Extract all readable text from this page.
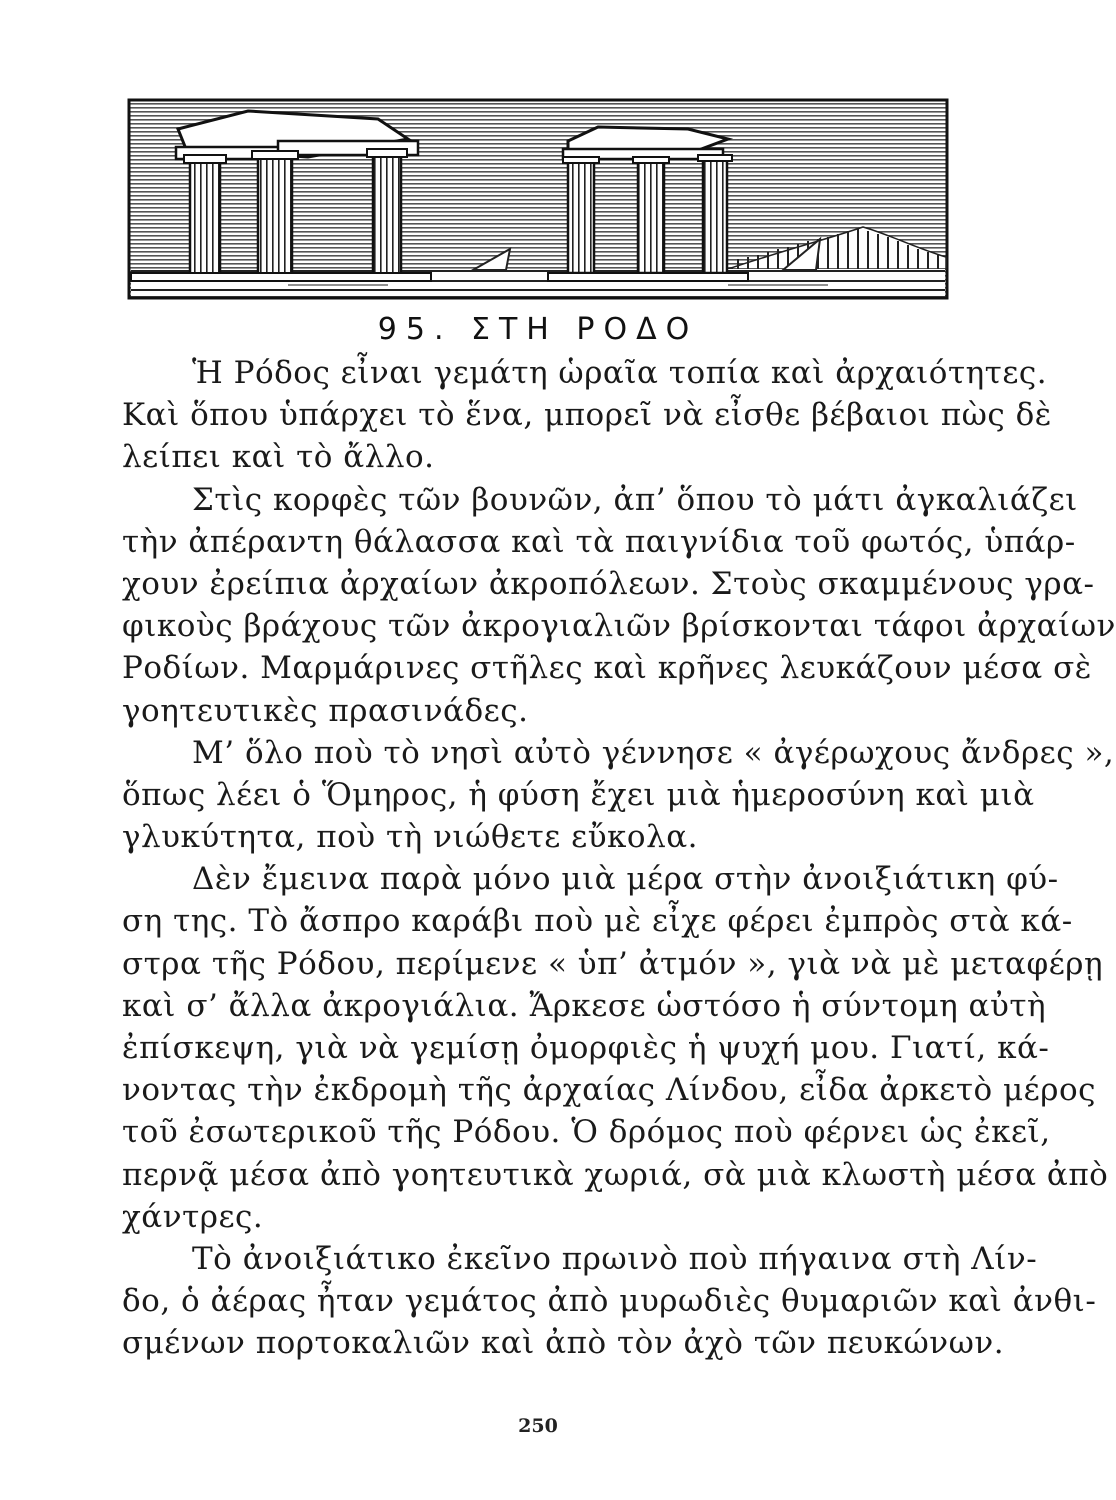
95. ΣΤΗ ΡΟΔΟ
Ἡ Ρόδος εἶναι γεμάτη ὡραῖα τοπία καὶ ἀρχαιότητες.
Καὶ ὅπου ὑπάρχει τὸ ἕνα, μπορεῖ νὰ εἶσθε βέβαιοι πὼς δὲ
λείπει καὶ τὸ ἄλλο.
Στὶς κορφὲς τῶν βουνῶν, ἀπ’ ὅπου τὸ μάτι ἀγκαλιάζει
τὴν ἀπέραντη θάλασσα καὶ τὰ παιγνίδια τοῦ φωτός, ὑπάρ-
χουν ἐρείπια ἀρχαίων ἀκροπόλεων. Στοὺς σκαμμένους γρα-
φικοὺς βράχους τῶν ἀκρογιαλιῶν βρίσκονται τάφοι ἀρχαίων
Ροδίων. Μαρμάρινες στῆλες καὶ κρῆνες λευκάζουν μέσα σὲ
γοητευτικὲς πρασινάδες.
Μ’ ὅλο ποὺ τὸ νησὶ αὐτὸ γέννησε « ἀγέρωχους ἄνδρες »,
ὅπως λέει ὁ Ὅμηρος, ἡ φύση ἔχει μιὰ ἡμεροσύνη καὶ μιὰ
γλυκύτητα, ποὺ τὴ νιώθετε εὔκολα.
Δὲν ἔμεινα παρὰ μόνο μιὰ μέρα στὴν ἀνοιξιάτικη φύ-
ση της. Τὸ ἄσπρο καράβι ποὺ μὲ εἶχε φέρει ἐμπρὸς στὰ κά-
στρα τῆς Ρόδου, περίμενε « ὑπ’ ἀτμόν », γιὰ νὰ μὲ μεταφέρῃ
καὶ σ’ ἄλλα ἀκρογιάλια. Ἄρκεσε ὡστόσο ἡ σύντομη αὐτὴ
ἐπίσκεψη, γιὰ νὰ γεμίσῃ ὀμορφιὲς ἡ ψυχή μου. Γιατί, κά-
νοντας τὴν ἐκδρομὴ τῆς ἀρχαίας Λίνδου, εἶδα ἀρκετὸ μέρος
τοῦ ἐσωτερικοῦ τῆς Ρόδου. Ὁ δρόμος ποὺ φέρνει ὡς ἐκεῖ,
περνᾷ μέσα ἀπὸ γοητευτικὰ χωριά, σὰ μιὰ κλωστὴ μέσα ἀπὸ
χάντρες.
Τὸ ἀνοιξιάτικο ἐκεῖνο πρωινὸ ποὺ πήγαινα στὴ Λίν-
δο, ὁ ἀέρας ἦταν γεμάτος ἀπὸ μυρωδιὲς θυμαριῶν καὶ ἀνθι-
σμένων πορτοκαλιῶν καὶ ἀπὸ τὸν ἀχὸ τῶν πευκώνων.
250
